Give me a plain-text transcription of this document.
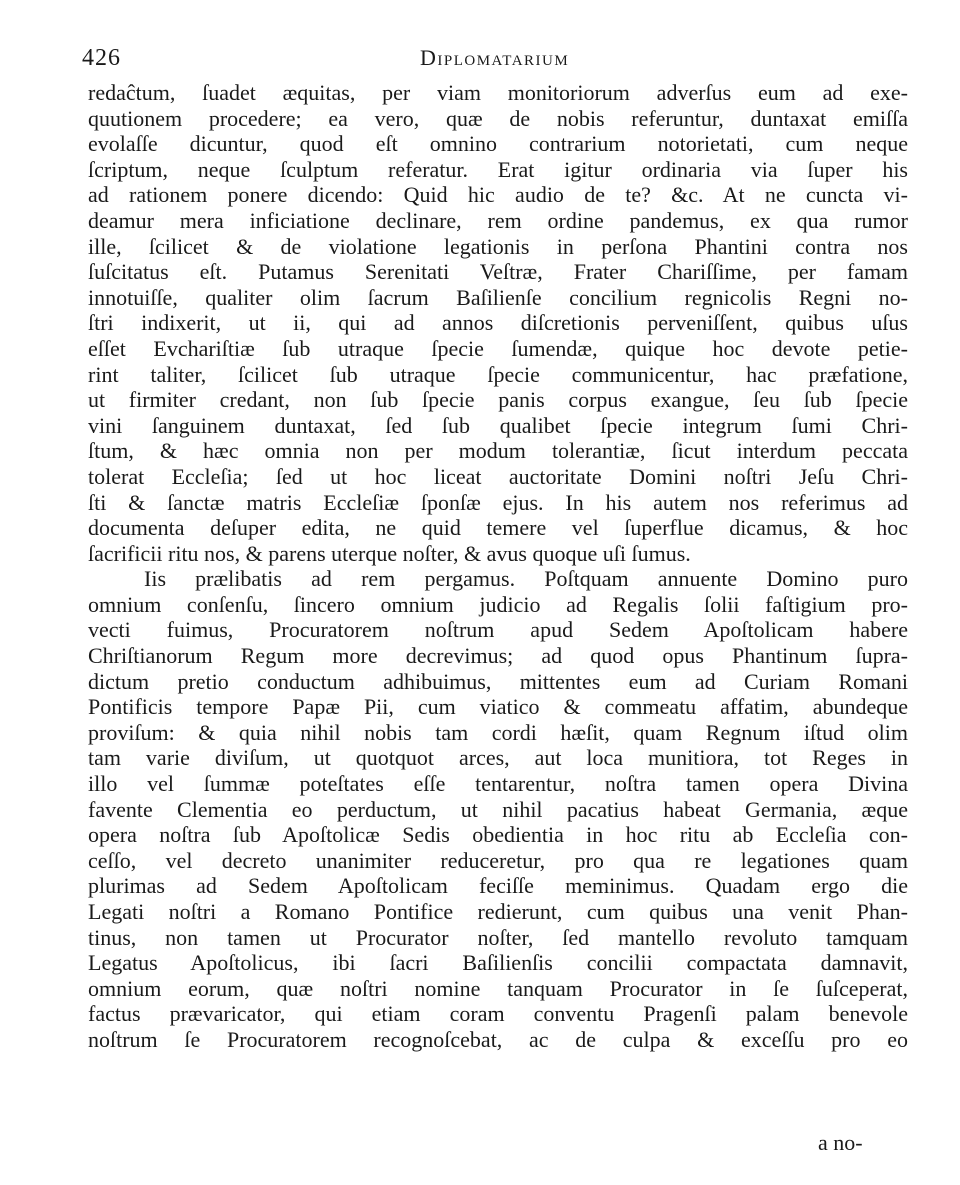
426	Diplomatarium
redaĉtum, ſuadet æquitas, per viam monitoriorum adverſus eum ad exe-
quutionem procedere; ea vero, quæ de nobis referuntur, duntaxat emiſſa
evolaſſe dicuntur, quod eſt omnino contrarium notorietati, cum neque
ſcriptum, neque ſculptum referatur. Erat igitur ordinaria via ſuper his
ad rationem ponere dicendo: Quid hic audio de te? &c. At ne cuncta vi-
deamur mera inficiatione declinare, rem ordine pandemus, ex qua rumor
ille, ſcilicet & de violatione legationis in perſona Phantini contra nos
ſuſcitatus eſt. Putamus Serenitati Veſtræ, Frater Chariſſime, per famam
innotuiſſe, qualiter olim ſacrum Baſilienſe concilium regnicolis Regni no-
ſtri indixerit, ut ii, qui ad annos diſcretionis perveniſſent, quibus uſus
eſſet Evchariſtiæ ſub utraque ſpecie ſumendæ, quique hoc devote petie-
rint taliter, ſcilicet ſub utraque ſpecie communicentur, hac præfatione,
ut firmiter credant, non ſub ſpecie panis corpus exangue, ſeu ſub ſpecie
vini ſanguinem duntaxat, ſed ſub qualibet ſpecie integrum ſumi Chri-
ſtum, & hæc omnia non per modum tolerantiæ, ſicut interdum peccata
tolerat Eccleſia; ſed ut hoc liceat auctoritate Domini noſtri Jeſu Chri-
ſti & ſanctæ matris Eccleſiæ ſponſæ ejus. In his autem nos referimus ad
documenta deſuper edita, ne quid temere vel ſuperflue dicamus, & hoc
ſacrificii ritu nos, & parens uterque noſter, & avus quoque uſi ſumus.
Iis prælibatis ad rem pergamus. Poſtquam annuente Domino puro
omnium conſenſu, ſincero omnium judicio ad Regalis ſolii faſtigium pro-
vecti fuimus, Procuratorem noſtrum apud Sedem Apoſtolicam habere
Chriſtianorum Regum more decrevimus; ad quod opus Phantinum ſupra-
dictum pretio conductum adhibuimus, mittentes eum ad Curiam Romani
Pontificis tempore Papæ Pii, cum viatico & commeatu affatim, abundeque
proviſum: & quia nihil nobis tam cordi hæſit, quam Regnum iſtud olim
tam varie diviſum, ut quotquot arces, aut loca munitiora, tot Reges in
illo vel ſummæ poteſtates eſſe tentarentur, noſtra tamen opera Divina
favente Clementia eo perductum, ut nihil pacatius habeat Germania, æque
opera noſtra ſub Apoſtolicæ Sedis obedientia in hoc ritu ab Eccleſia con-
ceſſo, vel decreto unanimiter reduceretur, pro qua re legationes quam
plurimas ad Sedem Apoſtolicam feciſſe meminimus. Quadam ergo die
Legati noſtri a Romano Pontifice redierunt, cum quibus una venit Phan-
tinus, non tamen ut Procurator noſter, ſed mantello revoluto tamquam
Legatus Apoſtolicus, ibi ſacri Baſilienſis concilii compactata damnavit,
omnium eorum, quæ noſtri nomine tanquam Procurator in ſe ſuſceperat,
factus prævaricator, qui etiam coram conventu Pragenſi palam benevole
noſtrum ſe Procuratorem recognoſcebat, ac de culpa & exceſſu pro eo
a no-
